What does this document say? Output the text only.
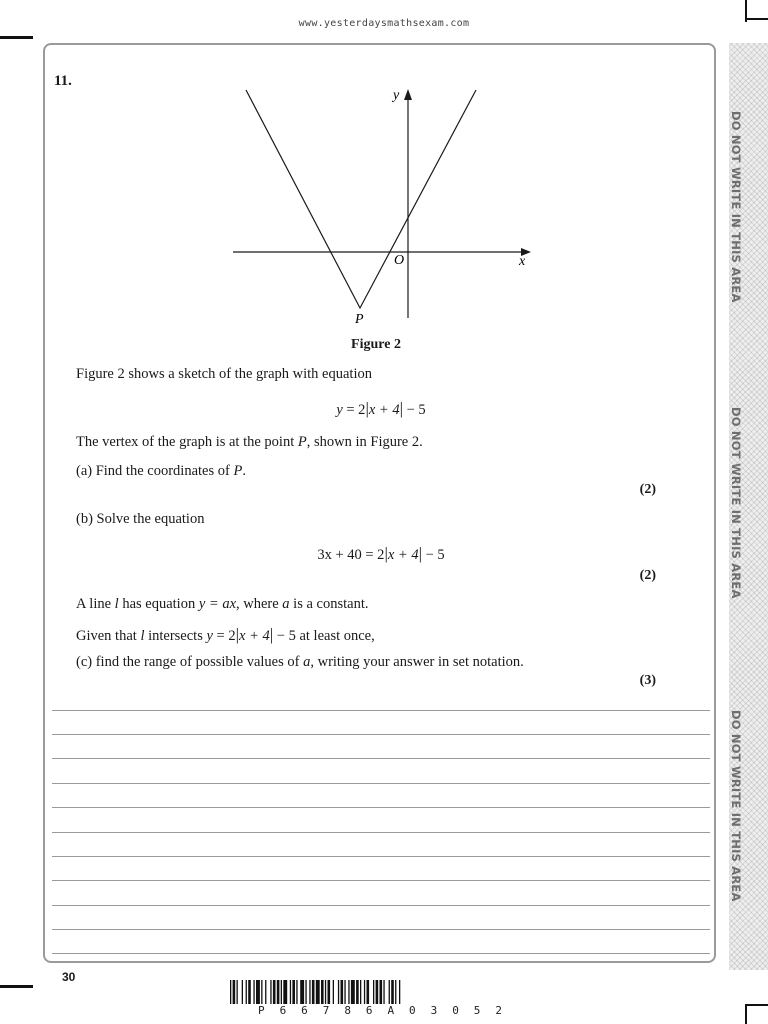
www.yesterdaysmathsexam.com
DO NOT WRITE IN THIS AREA
DO NOT WRITE IN THIS AREA
DO NOT WRITE IN THIS AREA
11.
y
x
O
P
Figure 2
Figure 2 shows a sketch of the graph with equation
y = 2|x + 4| − 5
The vertex of the graph is at the point P, shown in Figure 2.
(a) Find the coordinates of P.
(2)
(b) Solve the equation
3x + 40 = 2|x + 4| − 5
(2)
A line l has equation y = ax, where a is a constant.
Given that l intersects y = 2|x + 4| − 5 at least once,
(c) find the range of possible values of a, writing your answer in set notation.
(3)
30
P 6 6 7 8 6 A 0 3 0 5 2
